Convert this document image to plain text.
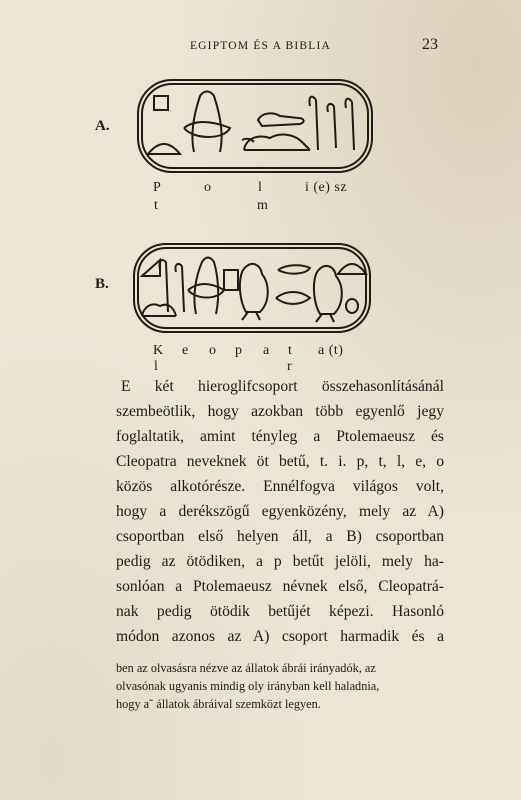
EGIPTOM ÉS A BIBLIA	23
A.
P	o	l	i (e) sz
t	m
B.
K e o p a t a (t)
l	r
E két hieroglifcsoport összehasonlításánál
szembeötlik, hogy azokban több egyenlő jegy
foglaltatik, amint tényleg a Ptolemaeusz és
Cleopatra neveknek öt betű, t. i. p, t, l, e, o
közös alkotórésze. Ennélfogva világos volt,
hogy a derékszögű egyenközény, mely az A)
csoportban első helyen áll, a B) csoportban
pedig az ötödiken, a p betűt jelöli, mely ha-
sonlóan a Ptolemaeusz névnek első, Cleopatrá-
nak pedig ötödik betűjét képezi. Hasonló
módon azonos az A) csoport harmadik és a
ben az olvasásra nézve az állatok ábrái irányadók, az
olvasónak ugyanis mindig oly irányban kell haladnia,
hogy a˜ állatok ábráival szemközt legyen.
